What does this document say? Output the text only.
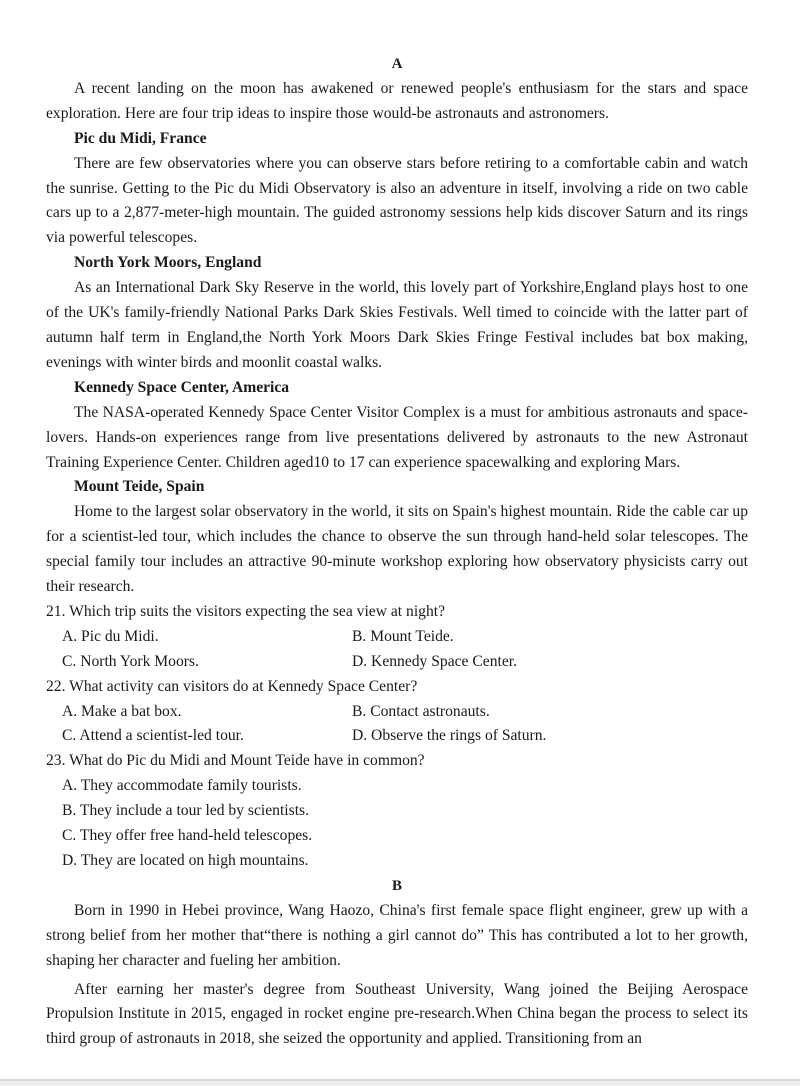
A

A recent landing on the moon has awakened or renewed people's enthusiasm for the stars and space exploration. Here are four trip ideas to inspire those would-be astronauts and astronomers.

Pic du Midi, France

There are few observatories where you can observe stars before retiring to a comfortable cabin and watch the sunrise. Getting to the Pic du Midi Observatory is also an adventure in itself, involving a ride on two cable cars up to a 2,877-meter-high mountain. The guided astronomy sessions help kids discover Saturn and its rings via powerful telescopes.

North York Moors, England

As an International Dark Sky Reserve in the world, this lovely part of Yorkshire,England plays host to one of the UK's family-friendly National Parks Dark Skies Festivals. Well timed to coincide with the latter part of autumn half term in England,the North York Moors Dark Skies Fringe Festival includes bat box making, evenings with winter birds and moonlit coastal walks.

Kennedy Space Center, America

The NASA-operated Kennedy Space Center Visitor Complex is a must for ambitious astronauts and space-lovers. Hands-on experiences range from live presentations delivered by astronauts to the new Astronaut Training Experience Center. Children aged10 to 17 can experience spacewalking and exploring Mars.

Mount Teide, Spain

Home to the largest solar observatory in the world, it sits on Spain's highest mountain. Ride the cable car up for a scientist-led tour, which includes the chance to observe the sun through hand-held solar telescopes. The special family tour includes an attractive 90-minute workshop exploring how observatory physicists carry out their research.

21. Which trip suits the visitors expecting the sea view at night?
A. Pic du Midi.	B. Mount Teide.
C. North York Moors.	D. Kennedy Space Center.
22. What activity can visitors do at Kennedy Space Center?
A. Make a bat box.	B. Contact astronauts.
C. Attend a scientist-led tour.	D. Observe the rings of Saturn.
23. What do Pic du Midi and Mount Teide have in common?
A. They accommodate family tourists.
B. They include a tour led by scientists.
C. They offer free hand-held telescopes.
D. They are located on high mountains.
B

Born in 1990 in Hebei province, Wang Haozo, China's first female space flight engineer, grew up with a strong belief from her mother that“there is nothing a girl cannot do” This has contributed a lot to her growth, shaping her character and fueling her ambition.

After earning her master's degree from Southeast University, Wang joined the Beijing Aerospace Propulsion Institute in 2015, engaged in rocket engine pre-research.When China began the process to select its third group of astronauts in 2018, she seized the opportunity and applied. Transitioning from an
